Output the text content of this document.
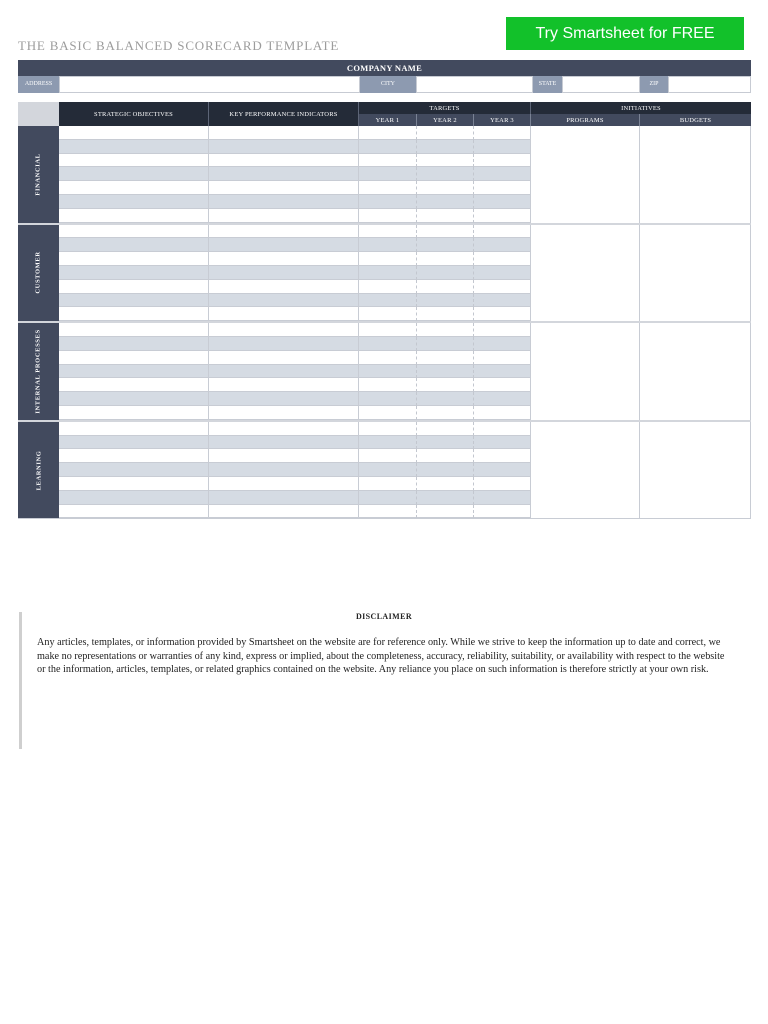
THE BASIC BALANCED SCORECARD TEMPLATE
Try Smartsheet for FREE
COMPANY NAME
ADDRESS	CITY	STATE	ZIP
STRATEGIC OBJECTIVES	KEY PERFORMANCE INDICATORS
TARGETS	INITIATIVES
YEAR 1	YEAR 2	YEAR 3	PROGRAMS	BUDGETS
FINANCIAL
CUSTOMER
INTERNAL PROCESSES
LEARNING
DISCLAIMER
Any articles, templates, or information provided by Smartsheet on the website are for reference only. While we strive to keep the information up to date and correct, we make no representations or warranties of any kind, express or implied, about the completeness, accuracy, reliability, suitability, or availability with respect to the website or the information, articles, templates, or related graphics contained on the website. Any reliance you place on such information is therefore strictly at your own risk.
